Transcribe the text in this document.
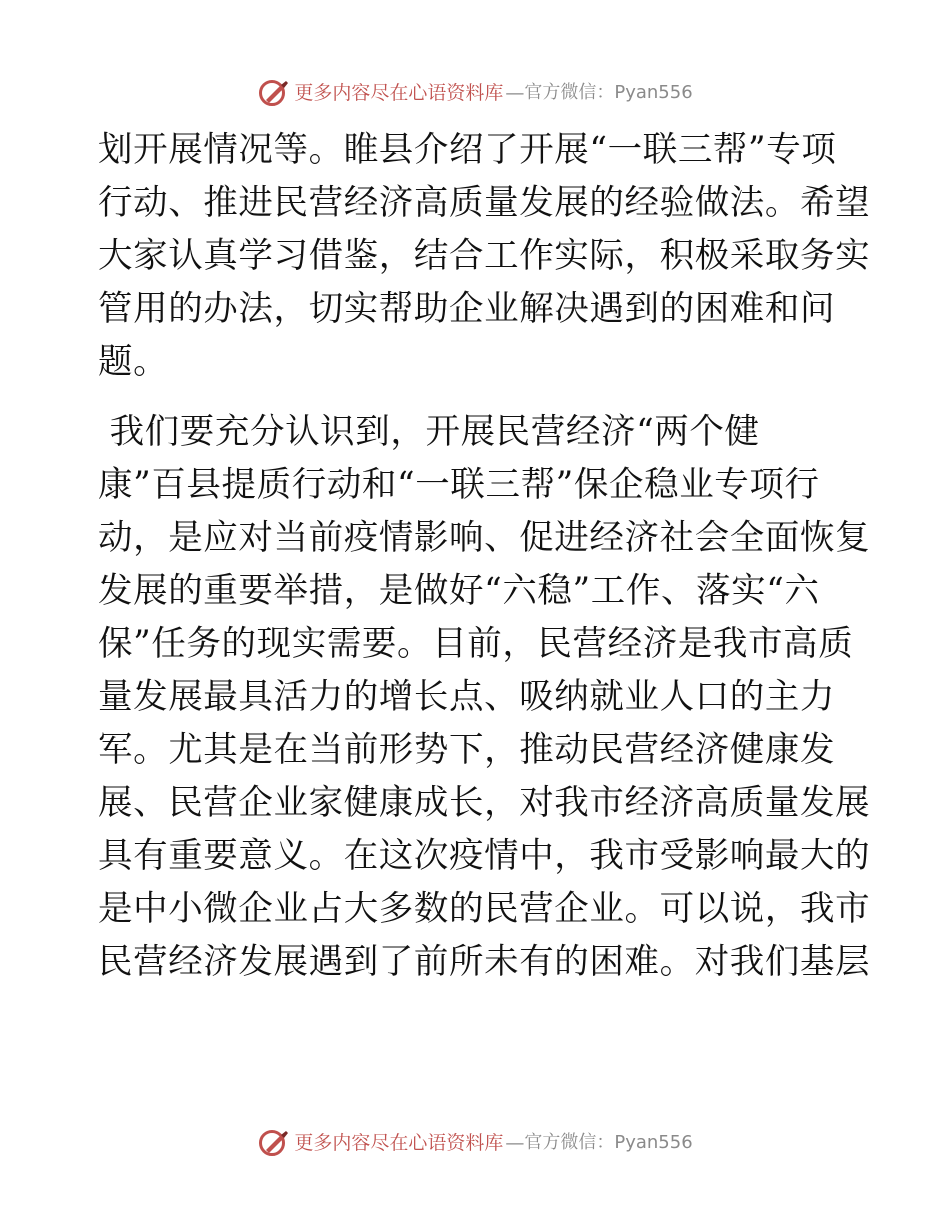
更多内容尽在心语资料库 — 官方微信： Pyan556
划开展情况等。睢县介绍了开展“一联三帮”专项
行动、推进民营经济高质量发展的经验做法。希望
大家认真学习借鉴，结合工作实际，积极采取务实
管用的办法，切实帮助企业解决遇到的困难和问
题。
我们要充分认识到，开展民营经济“两个健
康”百县提质行动和“一联三帮”保企稳业专项行
动，是应对当前疫情影响、促进经济社会全面恢复
发展的重要举措，是做好“六稳”工作、落实“六
保”任务的现实需要。目前，民营经济是我市高质
量发展最具活力的增长点、吸纳就业人口的主力
军。尤其是在当前形势下，推动民营经济健康发
展、民营企业家健康成长，对我市经济高质量发展
具有重要意义。在这次疫情中，我市受影响最大的
是中小微企业占大多数的民营企业。可以说，我市
民营经济发展遇到了前所未有的困难。对我们基层
更多内容尽在心语资料库 — 官方微信： Pyan556
